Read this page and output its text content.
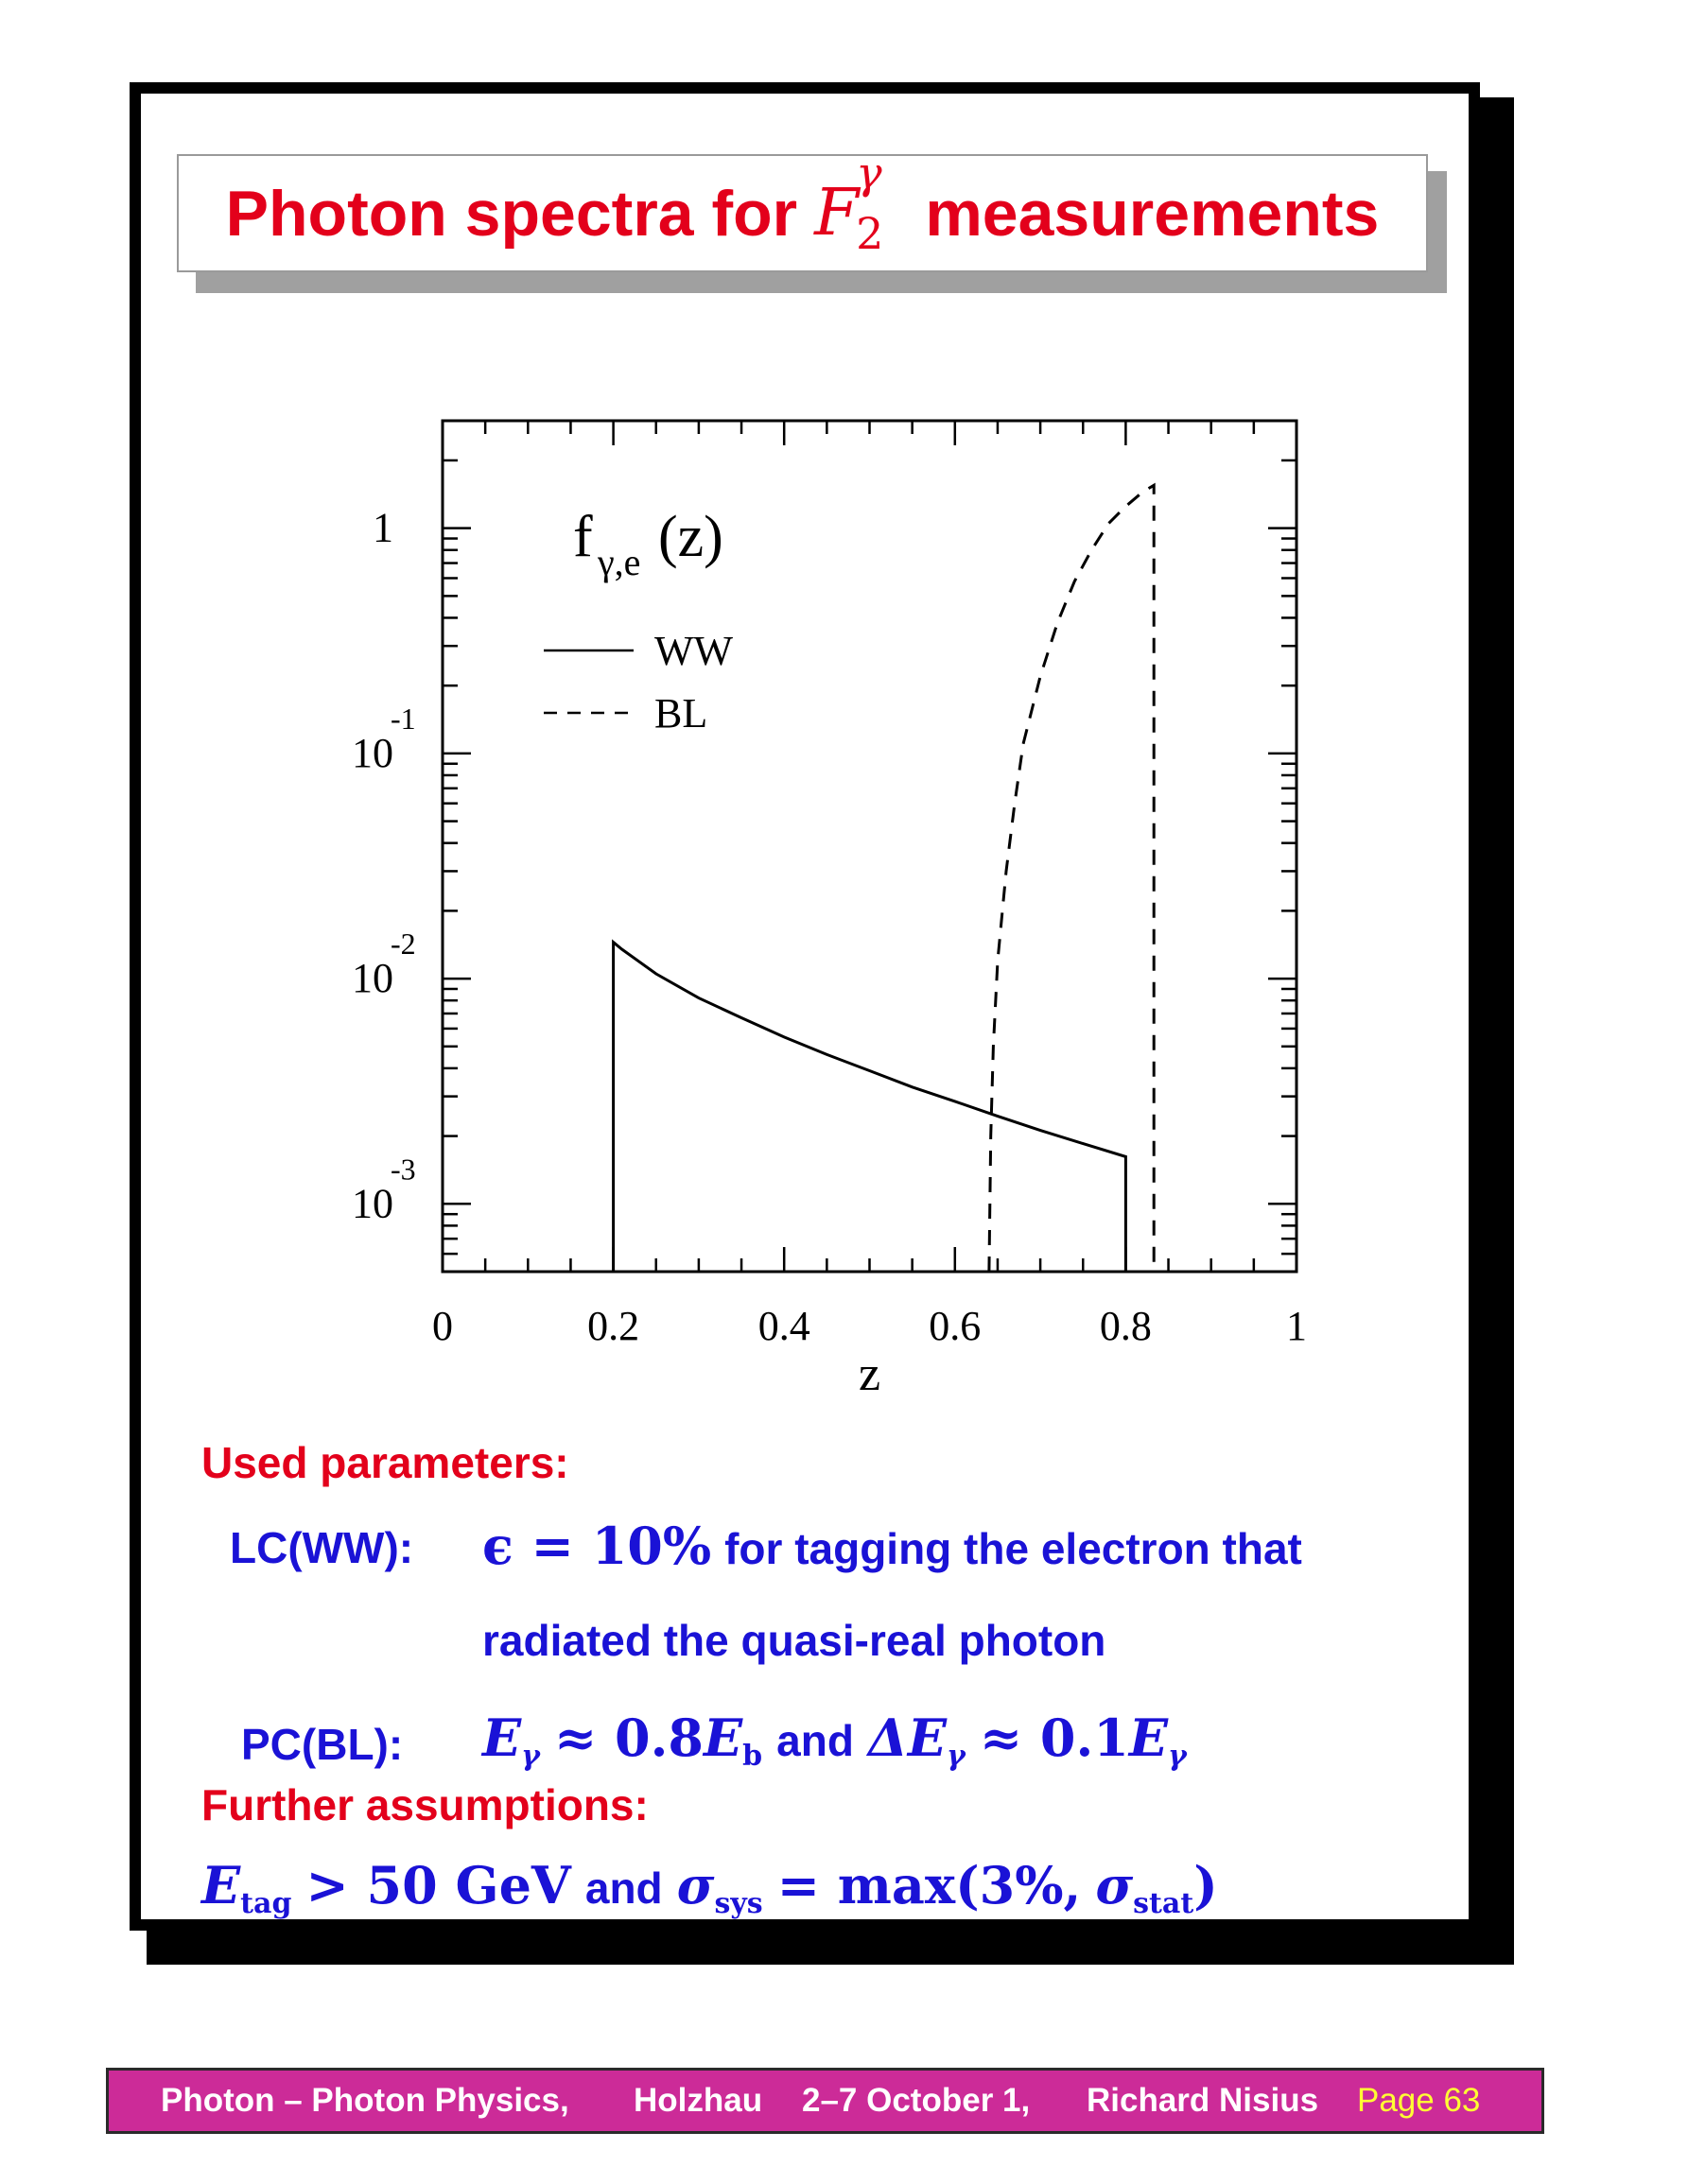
Photon spectra for F
γ
2 measurements
0	0.2	0.4	0.6	0.8	1
z
10
-3
10
-2
10
-1
1	f γ,e (z)
WW
BL
Used parameters:
LC(WW): ϵ = 10% for tagging the electron that
radiated the quasi-real photon
PC(BL): Eγ ≈ 0.8Eb and ΔEγ ≈ 0.1Eγ
Further assumptions:
Etag > 50 GeV and σsys = max(3%, σstat)
Photon – Photon Physics, Holzhau 2–7 October 1, Richard Nisius Page 63
